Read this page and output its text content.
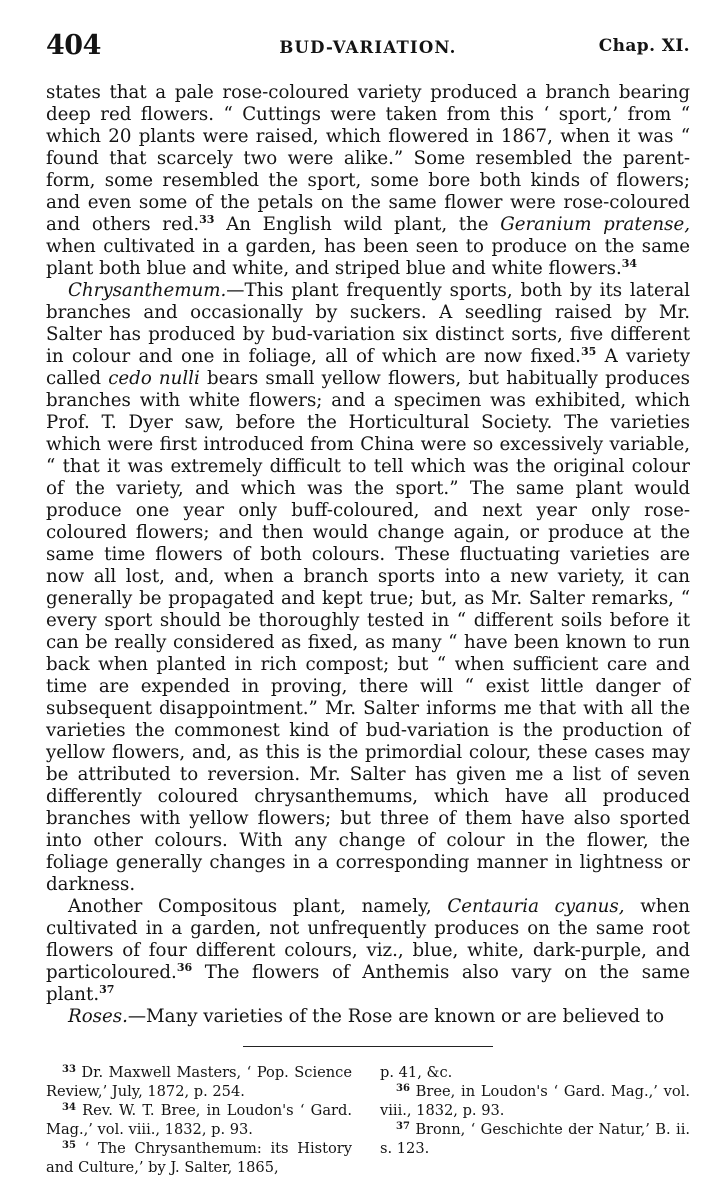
404	BUD-VARIATION.	Chap. XI.

states that a pale rose-coloured variety produced a branch bearing deep red flowers. “ Cuttings were taken from this ‘ sport,’ from “ which 20 plants were raised, which flowered in 1867, when it was “ found that scarcely two were alike.” Some resembled the parent-form, some resembled the sport, some bore both kinds of flowers; and even some of the petals on the same flower were rose-coloured and others red.$^{33}$ An English wild plant, the Geranium pratense, when cultivated in a garden, has been seen to produce on the same plant both blue and white, and striped blue and white flowers.$^{34}$

Chrysanthemum.—This plant frequently sports, both by its lateral branches and occasionally by suckers. A seedling raised by Mr. Salter has produced by bud-variation six distinct sorts, five different in colour and one in foliage, all of which are now fixed.$^{35}$ A variety called cedo nulli bears small yellow flowers, but habitually produces branches with white flowers; and a specimen was exhibited, which Prof. T. Dyer saw, before the Horticultural Society. The varieties which were first introduced from China were so excessively variable, “ that it was extremely difficult to tell which was the original colour of the variety, and which was the sport.” The same plant would produce one year only buff-coloured, and next year only rose-coloured flowers; and then would change again, or produce at the same time flowers of both colours. These fluctuating varieties are now all lost, and, when a branch sports into a new variety, it can generally be propagated and kept true; but, as Mr. Salter remarks, “ every sport should be thoroughly tested in “ different soils before it can be really considered as fixed, as many “ have been known to run back when planted in rich compost; but “ when sufficient care and time are expended in proving, there will “ exist little danger of subsequent disappointment.” Mr. Salter informs me that with all the varieties the commonest kind of bud-variation is the production of yellow flowers, and, as this is the primordial colour, these cases may be attributed to reversion. Mr. Salter has given me a list of seven differently coloured chrysanthemums, which have all produced branches with yellow flowers; but three of them have also sported into other colours. With any change of colour in the flower, the foliage generally changes in a corresponding manner in lightness or darkness.

Another Compositous plant, namely, Centauria cyanus, when cultivated in a garden, not unfrequently produces on the same root flowers of four different colours, viz., blue, white, dark-purple, and particoloured.$^{36}$ The flowers of Anthemis also vary on the same plant.$^{37}$

Roses.—Many varieties of the Rose are known or are believed to

$^{33}$ Dr. Maxwell Masters, ‘ Pop. Science Review,’ July, 1872, p. 254.

$^{34}$ Rev. W. T. Bree, in Loudon's ‘ Gard. Mag.,’ vol. viii., 1832, p. 93.

$^{35}$ ‘ The Chrysanthemum: its History and Culture,’ by J. Salter, 1865,

p. 41, &c.

$^{36}$ Bree, in Loudon's ‘ Gard. Mag.,’ vol. viii., 1832, p. 93.

$^{37}$ Bronn, ‘ Geschichte der Natur,’ B. ii. s. 123.
